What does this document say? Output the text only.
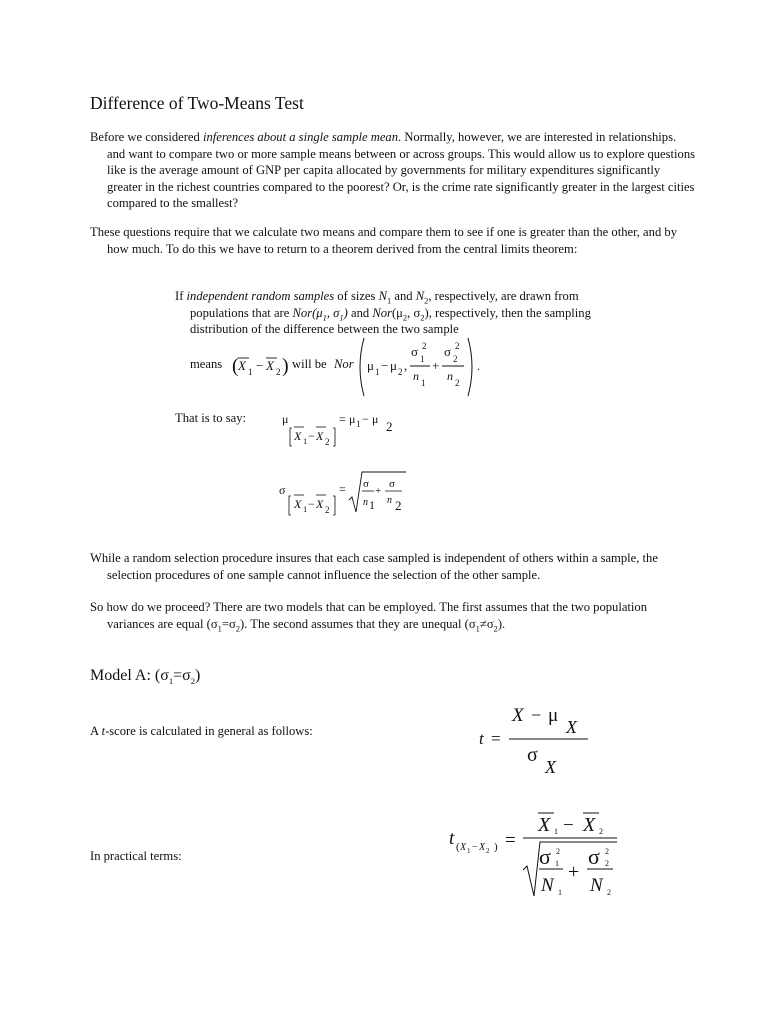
Difference of Two-Means Test

Before we considered inferences about a single sample mean. Normally, however, we are interested in relationships. and want to compare two or more sample means between or across groups. This would allow us to explore questions like is the average amount of GNP per capita allocated by governments for military expenditures significantly greater in the richest countries compared to the poorest? Or, is the crime rate significantly greater in the largest cities compared to the smallest?

These questions require that we calculate two means and compare them to see if one is greater than the other, and by how much. To do this we have to return to a theorem derived from the central limits theorem:

If independent random samples of sizes $N_1$ and $N_2$, respectively, are drawn from populations that are $Nor(\mu_1$, $\sigma_1$) and $Nor(\mu_2$, $\sigma_2$), respectively, then the sampling distribution of the difference between the two sample

means ( X 1 − X 2 ) will be Nor μ 1 − μ 2 ,
σ 2
1
n 1
+
σ 2
2
n 2
.
That is to say:	μ
X 1 − X 2
= μ 1 − μ 2
σ
X 1 − X 2
= σ
n 1
+
σ
n 2
t =
X − μ
X
σ
X
t ( X 1 − X 2 ) =
X 1 − X 2
σ 2
1
N 1
+
σ 2
2
N 2

While a random selection procedure insures that each case sampled is independent of others within a sample, the selection procedures of one sample cannot influence the selection of the other sample.

So how do we proceed? There are two models that can be employed. The first assumes that the two population variances are equal $(\sigma_1=\sigma_2)$. The second assumes that they are unequal $(\sigma_1\ne\sigma_2)$.

Model A: $(\sigma_1=\sigma_2)$
A t-score is calculated in general as follows:
In practical terms:
